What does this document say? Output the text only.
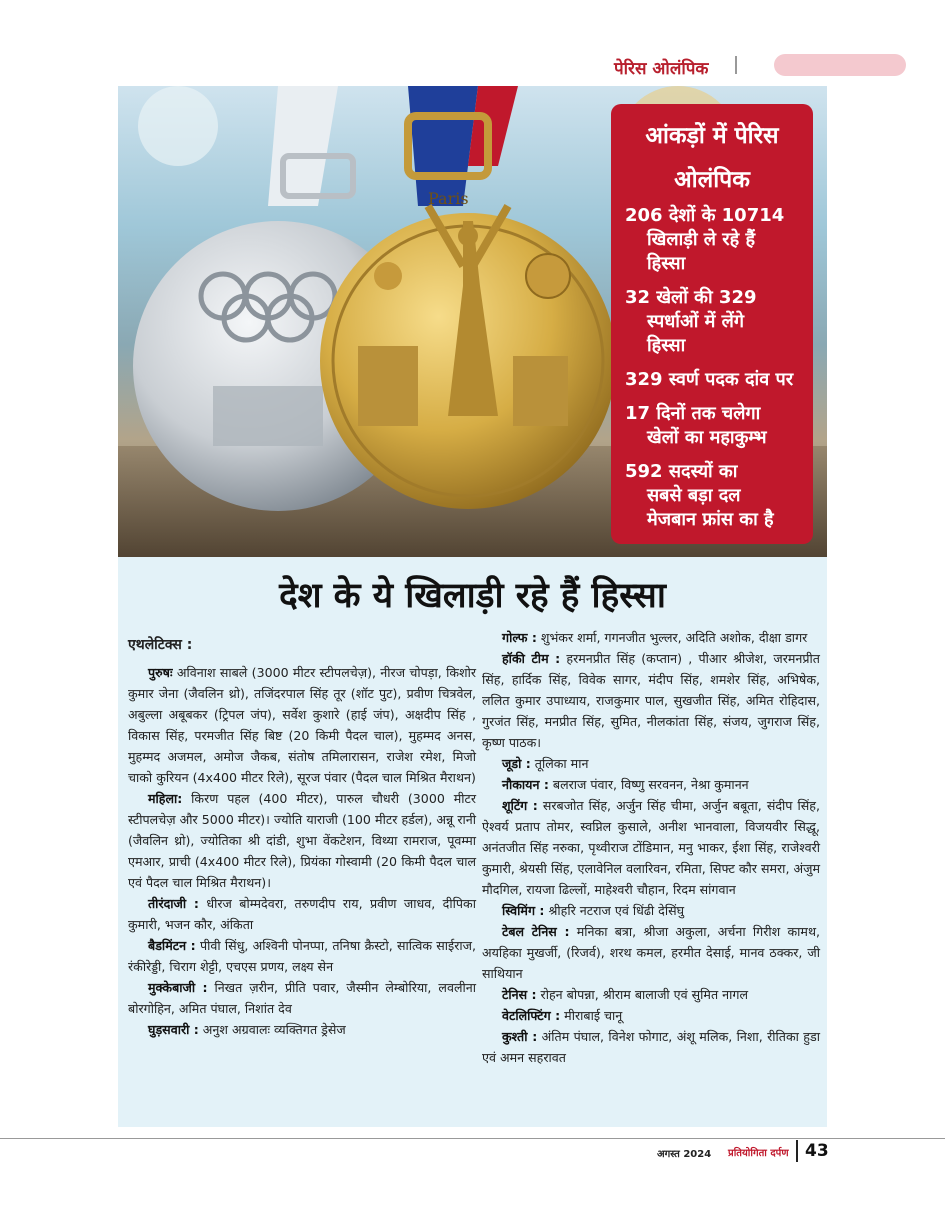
पेरिस ओलंपिक
Paris
आंकड़ों में पेरिस
ओलंपिक
206 देशों के 10714
खिलाड़ी ले रहे हैं
हिस्सा
32 खेलों की 329
स्पर्धाओं में लेंगे
हिस्सा
329 स्वर्ण पदक दांव पर
17 दिनों तक चलेगा
खेलों का महाकुम्भ
592 सदस्यों का
सबसे बड़ा दल
मेजबान फ्रांस का है
देश के ये खिलाड़ी रहे हैं हिस्सा

एथलेटिक्स :

पुरुषः अविनाश साबले (3000 मीटर स्टीपलचेज़), नीरज चोपड़ा, किशोर कुमार जेना (जैवलिन थ्रो), तजिंदरपाल सिंह तूर (शॉट पुट), प्रवीण चित्रवेल, अबुल्ला अबूबकर (ट्रिपल जंप), सर्वेश कुशारे (हाई जंप), अक्षदीप सिंह , विकास सिंह, परमजीत सिंह बिष्ट (20 किमी पैदल चाल), मुहम्मद अनस, मुहम्मद अजमल, अमोज जैकब, संतोष तमिलारासन, राजेश रमेश, मिजो चाको कुरियन (4x400 मीटर रिले), सूरज पंवार (पैदल चाल मिश्रित मैराथन)

महिला: किरण पहल (400 मीटर), पारुल चौधरी (3000 मीटर स्टीपलचेज़ और 5000 मीटर)। ज्योति याराजी (100 मीटर हर्डल), अन्नू रानी (जैवलिन थ्रो), ज्योतिका श्री दांडी, शुभा वेंकटेशन, विथ्या रामराज, पूवम्मा एमआर, प्राची (4x400 मीटर रिले), प्रियंका गोस्वामी (20 किमी पैदल चाल एवं पैदल चाल मिश्रित मैराथन)।

तीरंदाजी : धीरज बोम्मदेवरा, तरुणदीप राय, प्रवीण जाधव, दीपिका कुमारी, भजन कौर, अंकिता

बैडमिंटन : पीवी सिंधु, अश्विनी पोनप्पा, तनिषा क्रैस्टो, सात्विक साईराज, रंकीरेड्डी, चिराग शेट्टी, एचएस प्रणय, लक्ष्य सेन

मुक्केबाजी : निखत ज़रीन, प्रीति पवार, जैस्मीन लेम्बोरिया, लवलीना बोरगोहिन, अमित पंघाल, निशांत देव

घुड़सवारी : अनुश अग्रवालः व्यक्तिगत ड्रेसेज

गोल्फ : शुभंकर शर्मा, गगनजीत भुल्लर, अदिति अशोक, दीक्षा डागर

हॉकी टीम : हरमनप्रीत सिंह (कप्तान) , पीआर श्रीजेश, जरमनप्रीत सिंह, हार्दिक सिंह, विवेक सागर, मंदीप सिंह, शमशेर सिंह, अभिषेक, ललित कुमार उपाध्याय, राजकुमार पाल, सुखजीत सिंह, अमित रोहिदास, गुरजंत सिंह, मनप्रीत सिंह, सुमित, नीलकांता सिंह, संजय, जुगराज सिंह, कृष्ण पाठक।

जूडो : तूलिका मान

नौकायन : बलराज पंवार, विष्णु सरवनन, नेश्रा कुमानन

शूटिंग : सरबजोत सिंह, अर्जुन सिंह चीमा, अर्जुन बबूता, संदीप सिंह, ऐश्वर्य प्रताप तोमर, स्वप्निल कुसाले, अनीश भानवाला, विजयवीर सिद्धू, अनंतजीत सिंह नरुका, पृथ्वीराज टोंडिमान, मनु भाकर, ईशा सिंह, राजेश्वरी कुमारी, श्रेयसी सिंह, एलावेनिल वलारिवन, रमिता, सिफ्ट कौर समरा, अंजुम मौदगिल, रायजा ढिल्लों, माहेश्वरी चौहान, रिदम सांगवान

स्विमिंग : श्रीहरि नटराज एवं धिंढी देसिंघु

टेबल टेनिस : मनिका बत्रा, श्रीजा अकुला, अर्चना गिरीश कामथ, अयहिका मुखर्जी, (रिजर्व), शरथ कमल, हरमीत देसाई, मानव ठक्कर, जी साथियान

टेनिस : रोहन बोपन्ना, श्रीराम बालाजी एवं सुमित नागल

वेटलिफ्टिंग : मीराबाई चानू

कुश्ती : अंतिम पंघाल, विनेश फोगाट, अंशू मलिक, निशा, रीतिका हुडा एवं अमन सहरावत

अगस्त 2024 प्रतियोगिता दर्पण 43
